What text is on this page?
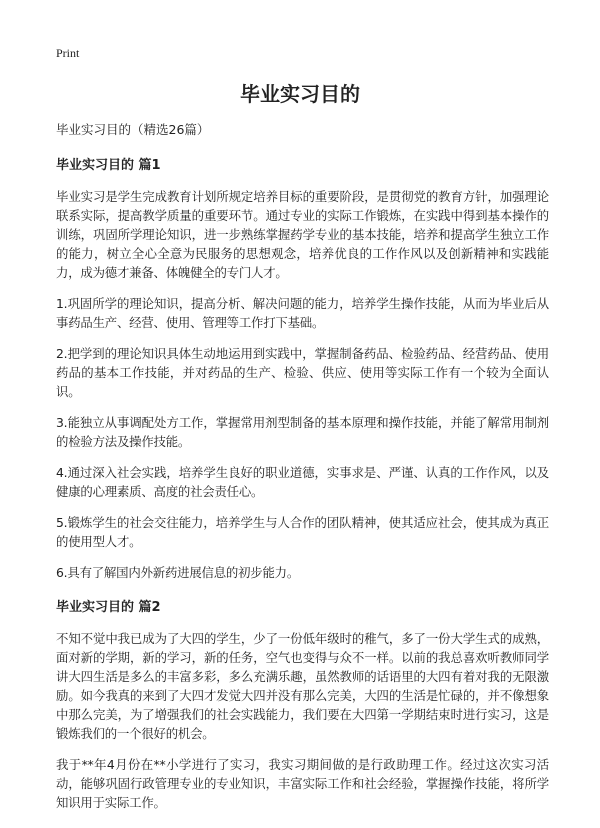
Print
毕业实习目的

毕业实习目的（精选26篇）

毕业实习目的 篇1

毕业实习是学生完成教育计划所规定培养目标的重要阶段，是贯彻党的教育方针，加强理论联系实际，提高教学质量的重要环节。通过专业的实际工作锻炼，在实践中得到基本操作的训练，巩固所学理论知识，进一步熟练掌握药学专业的基本技能，培养和提高学生独立工作的能力，树立全心全意为民服务的思想观念，培养优良的工作作风以及创新精神和实践能力，成为德才兼备、体魄健全的专门人才。

1.巩固所学的理论知识，提高分析、解决问题的能力，培养学生操作技能，从而为毕业后从事药品生产、经营、使用、管理等工作打下基础。

2.把学到的理论知识具体生动地运用到实践中，掌握制备药品、检验药品、经营药品、使用药品的基本工作技能，并对药品的生产、检验、供应、使用等实际工作有一个较为全面认识。

3.能独立从事调配处方工作，掌握常用剂型制备的基本原理和操作技能，并能了解常用制剂的检验方法及操作技能。

4.通过深入社会实践，培养学生良好的职业道德，实事求是、严谨、认真的工作作风，以及健康的心理素质、高度的社会责任心。

5.锻炼学生的社会交往能力，培养学生与人合作的团队精神，使其适应社会，使其成为真正的使用型人才。

6.具有了解国内外新药进展信息的初步能力。

毕业实习目的 篇2

不知不觉中我已成为了大四的学生，少了一份低年级时的稚气，多了一份大学生式的成熟，面对新的学期，新的学习，新的任务，空气也变得与众不一样。以前的我总喜欢听教师同学讲大四生活是多么的丰富多彩，多么充满乐趣，虽然教师的话语里的大四有着对我的无限激励。如今我真的来到了大四才发觉大四并没有那么完美，大四的生活是忙碌的，并不像想象中那么完美，为了增强我们的社会实践能力，我们要在大四第一学期结束时进行实习，这是锻炼我们的一个很好的机会。

我于**年4月份在**小学进行了实习，我实习期间做的是行政助理工作。经过这次实习活动，能够巩固行政管理专业的专业知识，丰富实际工作和社会经验，掌握操作技能，将所学知识用于实际工作。
